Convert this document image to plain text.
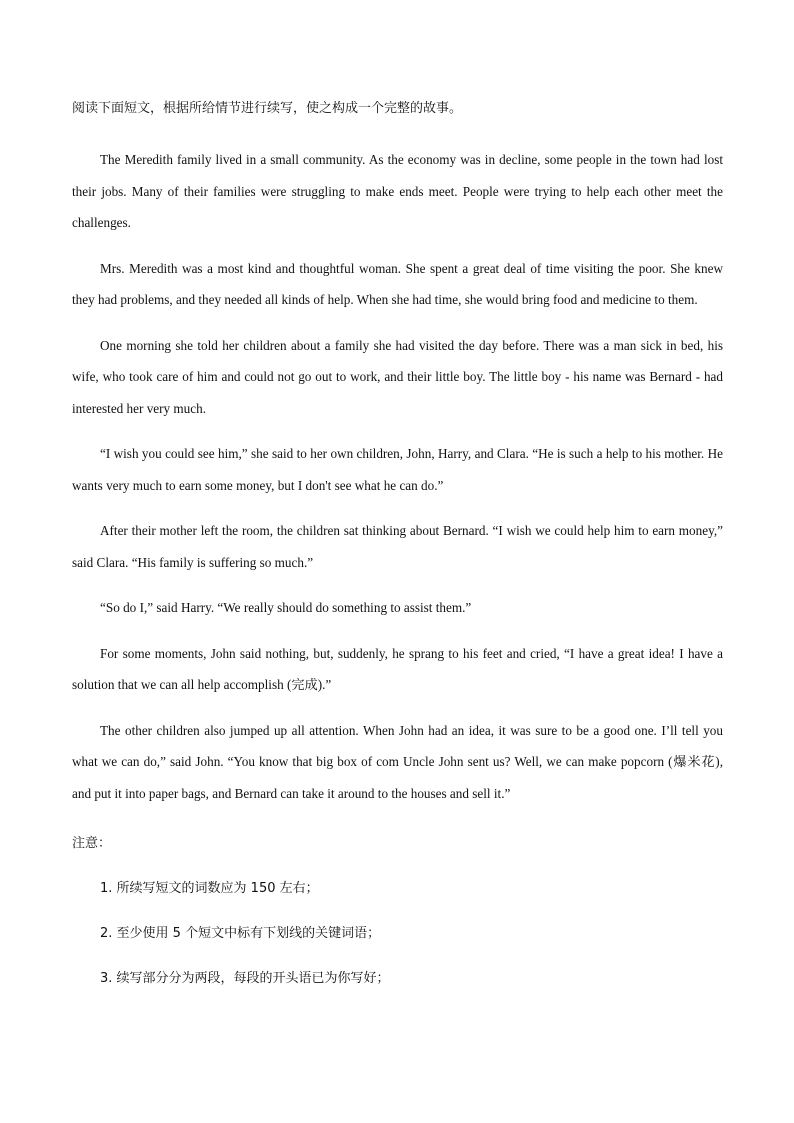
阅读下面短文，根据所给情节进行续写，使之构成一个完整的故事。

The Meredith family lived in a small community. As the economy was in decline, some people in the town had lost their jobs. Many of their families were struggling to make ends meet. People were trying to help each other meet the challenges.

Mrs. Meredith was a most kind and thoughtful woman. She spent a great deal of time visiting the poor. She knew they had problems, and they needed all kinds of help. When she had time, she would bring food and medicine to them.

One morning she told her children about a family she had visited the day before. There was a man sick in bed, his wife, who took care of him and could not go out to work, and their little boy. The little boy - his name was Bernard - had interested her very much.

“I wish you could see him,” she said to her own children, John, Harry, and Clara. “He is such a help to his mother. He wants very much to earn some money, but I don't see what he can do.”

After their mother left the room, the children sat thinking about Bernard. “I wish we could help him to earn money,” said Clara. “His family is suffering so much.”

“So do I,” said Harry. “We really should do something to assist them.”

For some moments, John said nothing, but, suddenly, he sprang to his feet and cried, “I have a great idea! I have a solution that we can all help accomplish (完成).”

The other children also jumped up all attention. When John had an idea, it was sure to be a good one. I’ll tell you what we can do,” said John. “You know that big box of com Uncle John sent us? Well, we can make popcorn (爆米花), and put it into paper bags, and Bernard can take it around to the houses and sell it.”

注意：

1. 所续写短文的词数应为 150 左右；
2. 至少使用 5 个短文中标有下划线的关键词语；
3. 续写部分分为两段，每段的开头语已为你写好；
